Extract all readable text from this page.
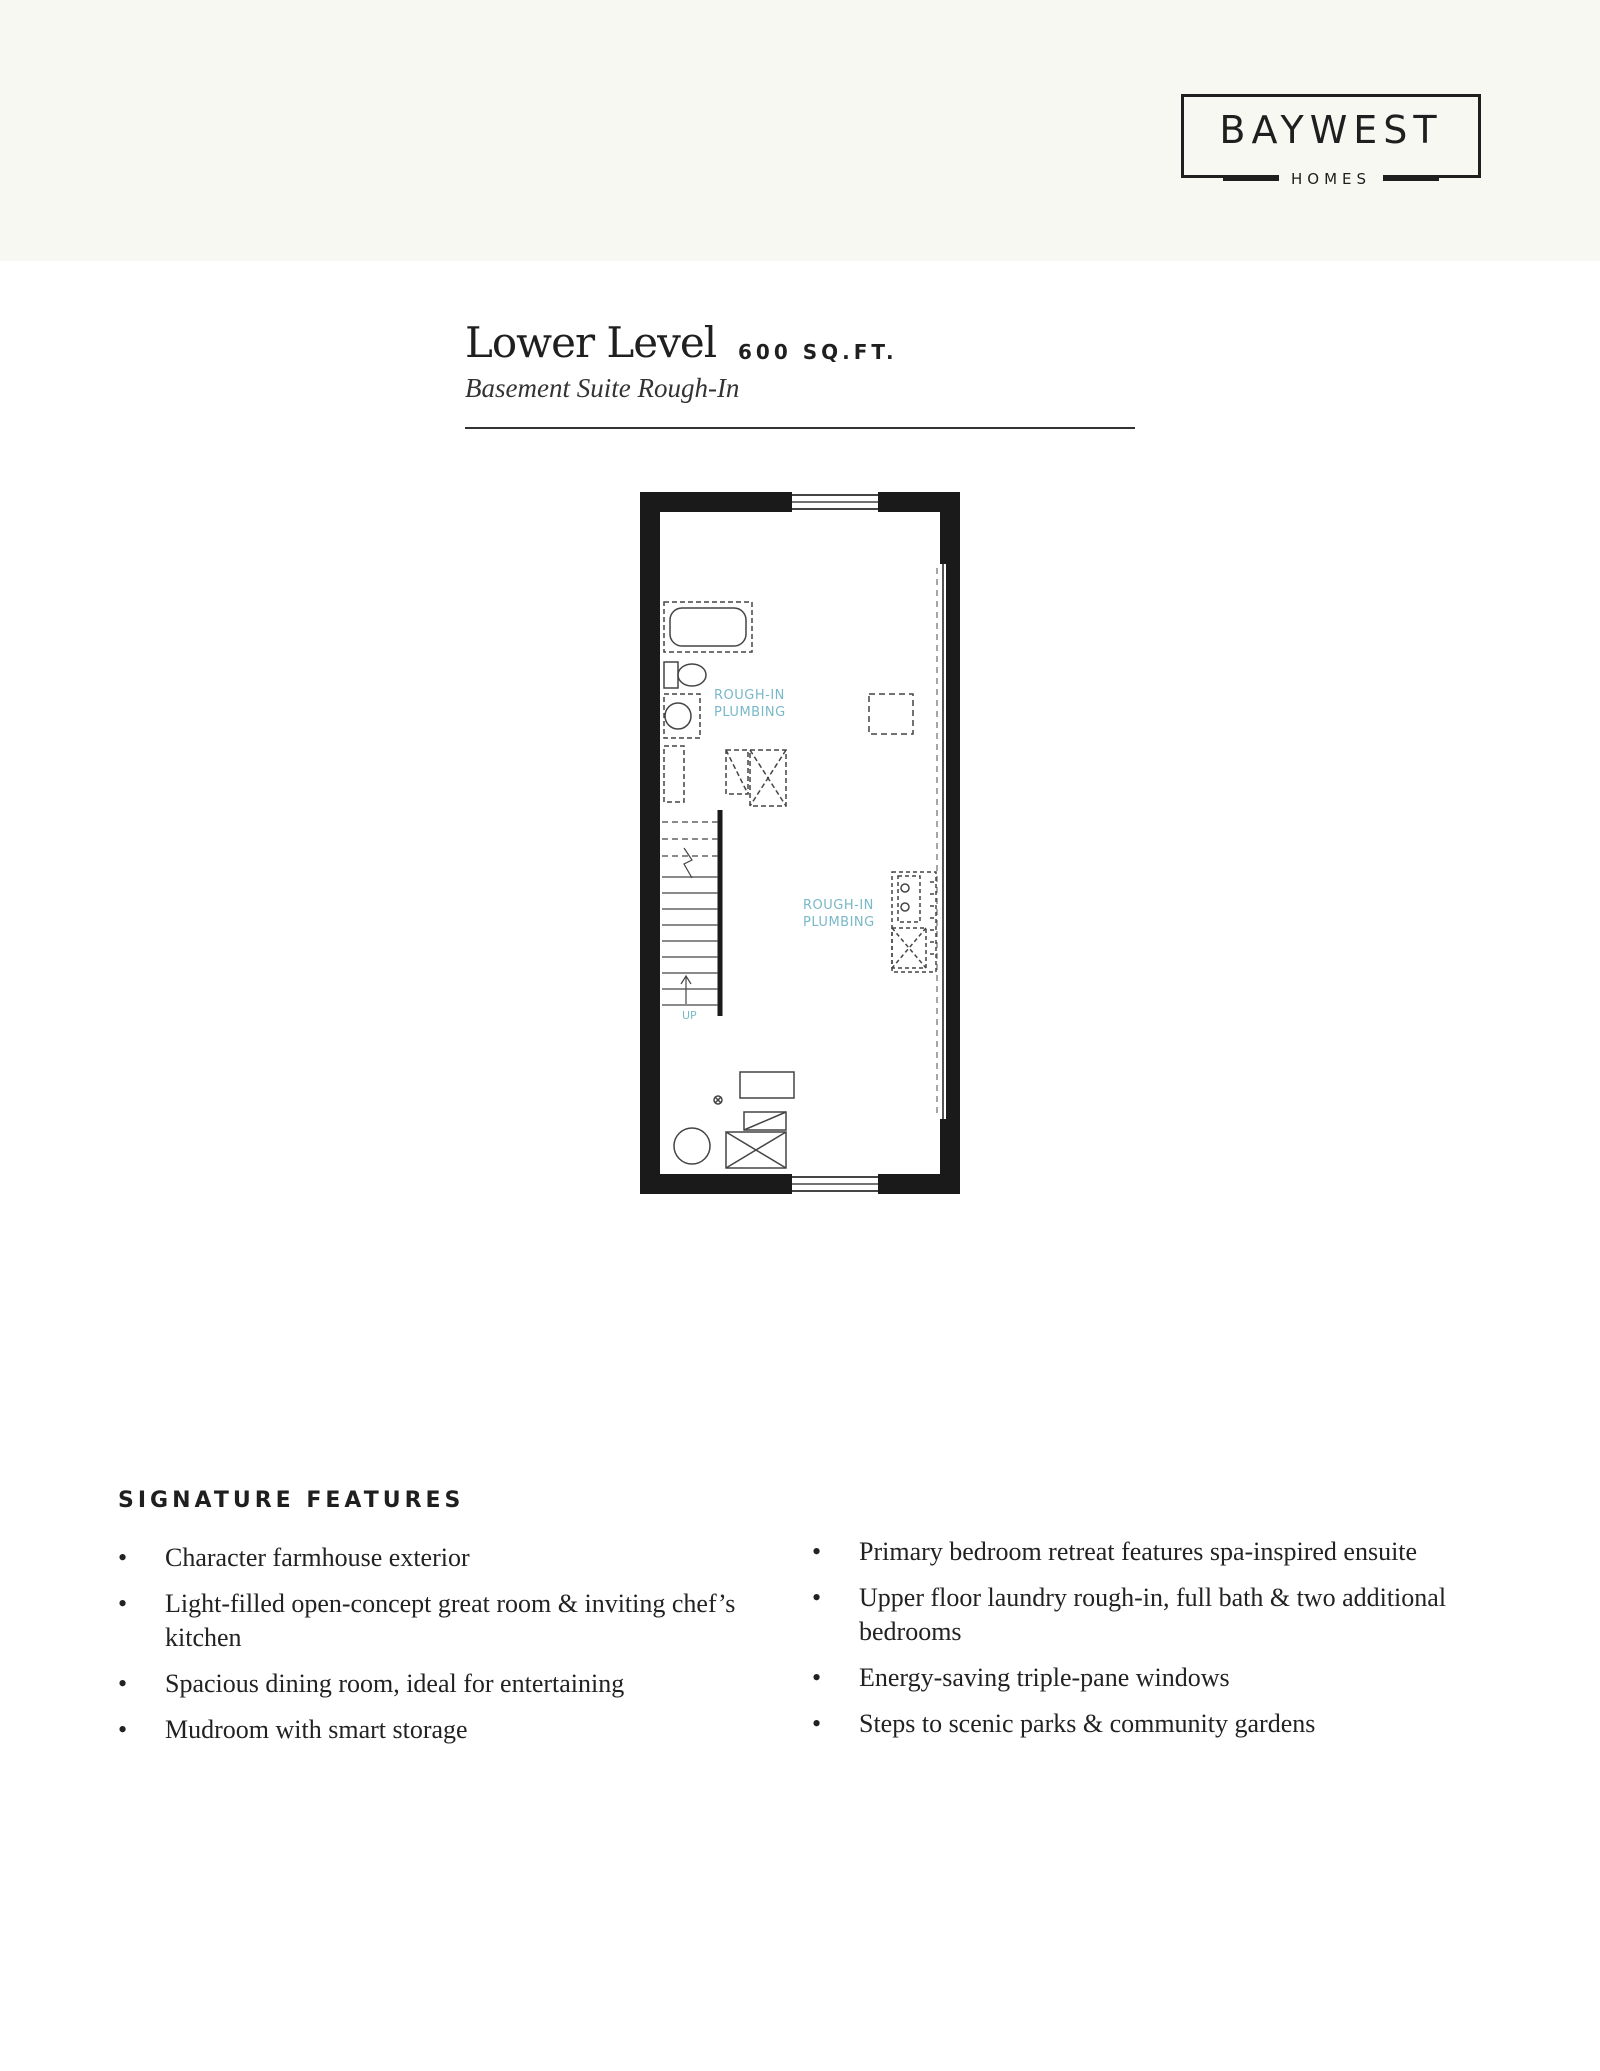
BAYWEST
HOMES
Lower Level 600 SQ.FT.
Basement Suite Rough-In
ROUGH-IN
PLUMBING
ROUGH-IN
PLUMBING
UP
SIGNATURE FEATURES
• Character farmhouse exterior
• Light-filled open-concept great room & inviting chef’s kitchen
• Spacious dining room, ideal for entertaining
• Mudroom with smart storage
• Primary bedroom retreat features spa-inspired ensuite
• Upper floor laundry rough-in, full bath & two additional bedrooms
• Energy-saving triple-pane windows
• Steps to scenic parks & community gardens
